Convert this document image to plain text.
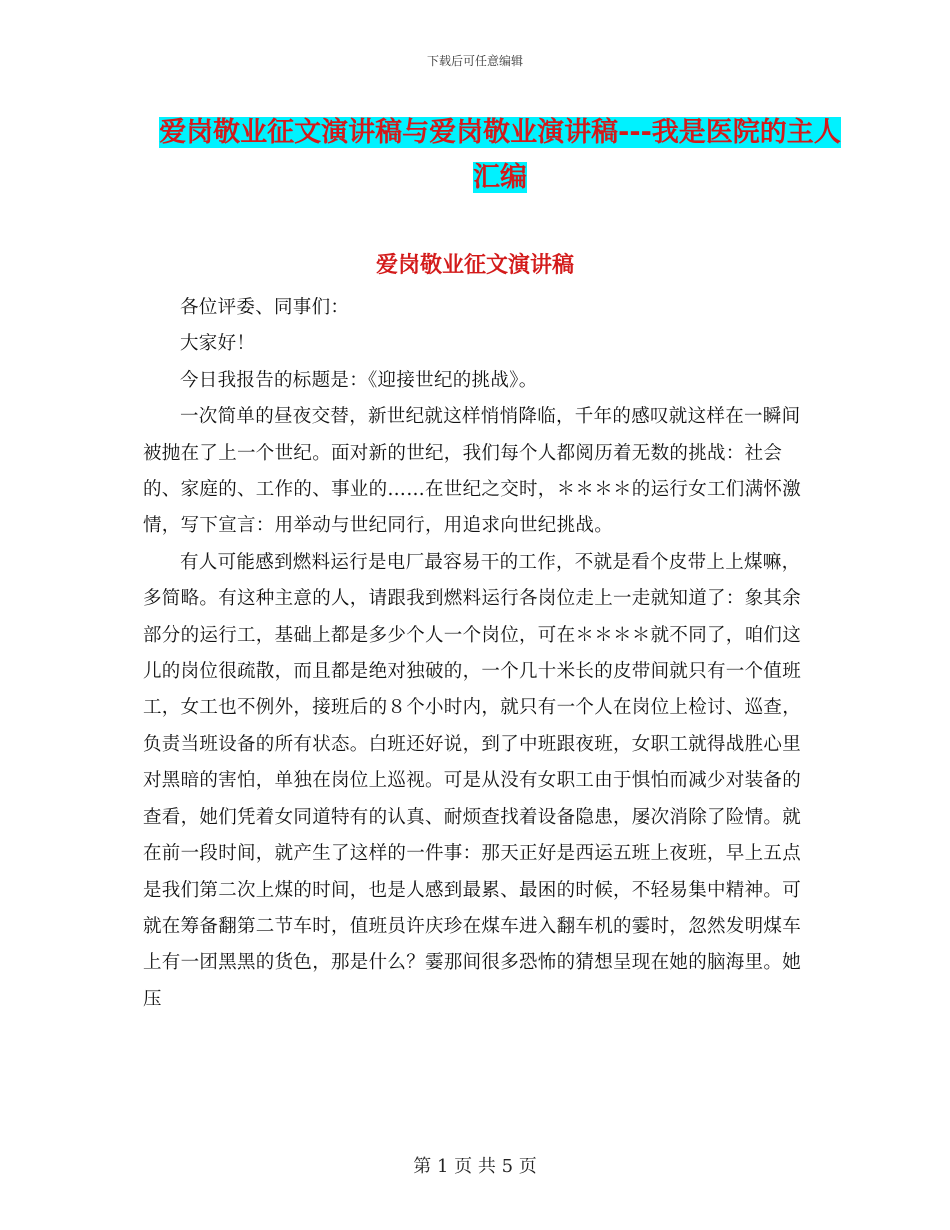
下载后可任意编辑
爱岗敬业征文演讲稿与爱岗敬业演讲稿---我是医院的主人汇编
爱岗敬业征文演讲稿

各位评委、同事们：

大家好！

今日我报告的标题是：《迎接世纪的挑战》。

一次简单的昼夜交替，新世纪就这样悄悄降临，千年的感叹就这样在一瞬间被抛在了上一个世纪。面对新的世纪，我们每个人都阅历着无数的挑战：社会的、家庭的、工作的、事业的……在世纪之交时，＊＊＊＊的运行女工们满怀激情，写下宣言：用举动与世纪同行，用追求向世纪挑战。

有人可能感到燃料运行是电厂最容易干的工作，不就是看个皮带上上煤嘛，多简略。有这种主意的人，请跟我到燃料运行各岗位走上一走就知道了：象其余部分的运行工，基础上都是多少个人一个岗位，可在＊＊＊＊就不同了，咱们这儿的岗位很疏散，而且都是绝对独破的，一个几十米长的皮带间就只有一个值班工，女工也不例外，接班后的８个小时内，就只有一个人在岗位上检讨、巡查，负责当班设备的所有状态。白班还好说，到了中班跟夜班，女职工就得战胜心里对黑暗的害怕，单独在岗位上巡视。可是从没有女职工由于惧怕而减少对装备的查看，她们凭着女同道特有的认真、耐烦查找着设备隐患，屡次消除了险情。就在前一段时间，就产生了这样的一件事：那天正好是西运五班上夜班，早上五点是我们第二次上煤的时间，也是人感到最累、最困的时候，不轻易集中精神。可就在筹备翻第二节车时，值班员许庆珍在煤车进入翻车机的霎时，忽然发明煤车上有一团黑黑的货色，那是什么？霎那间很多恐怖的猜想呈现在她的脑海里。她压

第 1 页 共 5 页
